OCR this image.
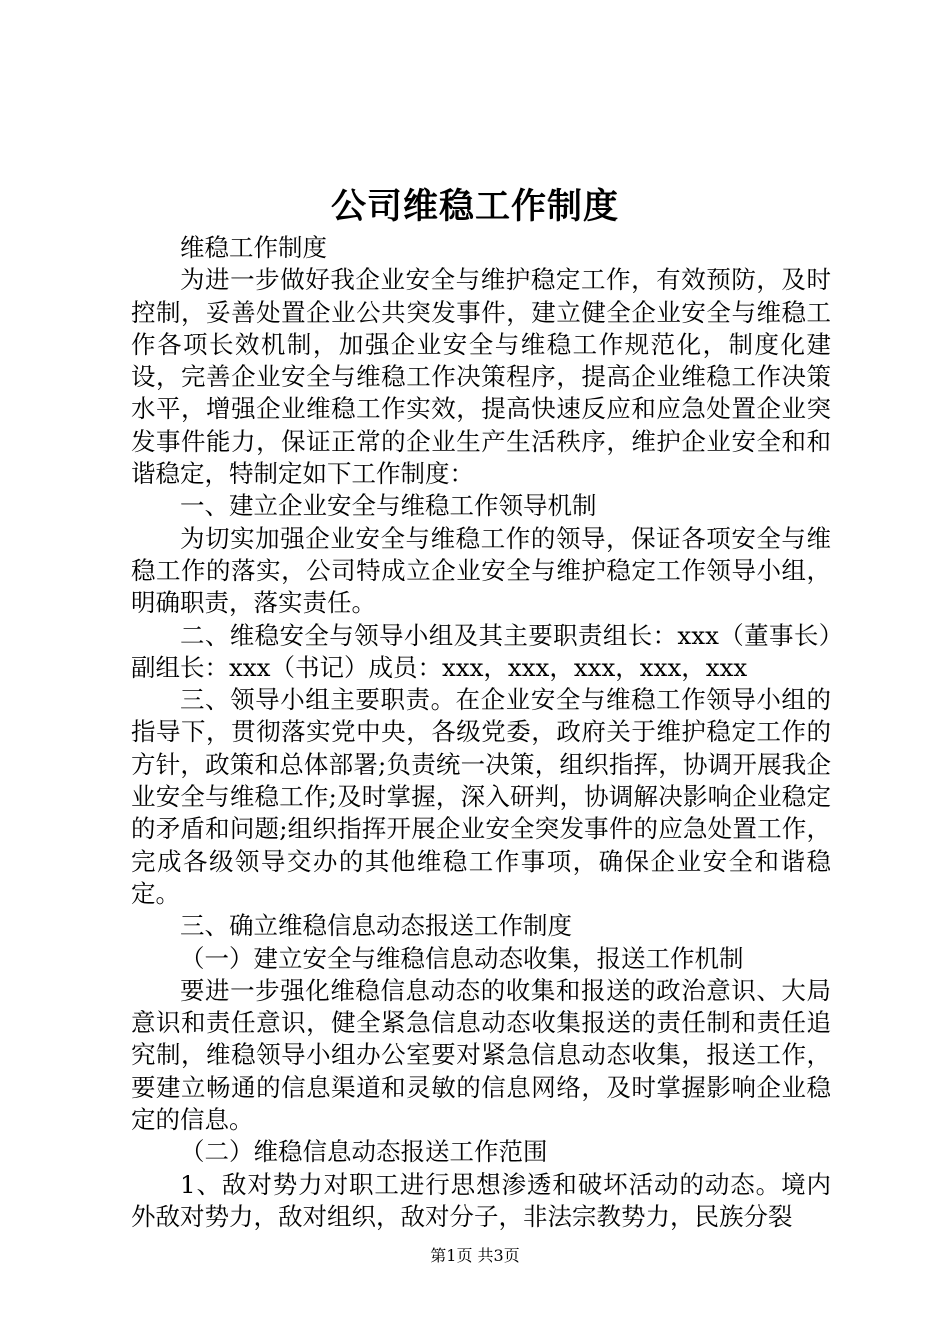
公司维稳工作制度

维稳工作制度

为进一步做好我企业安全与维护稳定工作，有效预防，及时控制，妥善处置企业公共突发事件，建立健全企业安全与维稳工作各项长效机制，加强企业安全与维稳工作规范化，制度化建设，完善企业安全与维稳工作决策程序，提高企业维稳工作决策水平，增强企业维稳工作实效，提高快速反应和应急处置企业突发事件能力，保证正常的企业生产生活秩序，维护企业安全和和谐稳定，特制定如下工作制度：

一、建立企业安全与维稳工作领导机制

为切实加强企业安全与维稳工作的领导，保证各项安全与维稳工作的落实，公司特成立企业安全与维护稳定工作领导小组，明确职责，落实责任。

二、维稳安全与领导小组及其主要职责组长：xxx（董事长）副组长：xxx（书记）成员：xxx，xxx，xxx，xxx，xxx

三、领导小组主要职责。在企业安全与维稳工作领导小组的指导下，贯彻落实党中央，各级党委，政府关于维护稳定工作的方针，政策和总体部署;负责统一决策，组织指挥，协调开展我企业安全与维稳工作;及时掌握，深入研判，协调解决影响企业稳定的矛盾和问题;组织指挥开展企业安全突发事件的应急处置工作，完成各级领导交办的其他维稳工作事项，确保企业安全和谐稳定。

三、确立维稳信息动态报送工作制度

（一）建立安全与维稳信息动态收集，报送工作机制

要进一步强化维稳信息动态的收集和报送的政治意识、大局意识和责任意识，健全紧急信息动态收集报送的责任制和责任追究制，维稳领导小组办公室要对紧急信息动态收集，报送工作，要建立畅通的信息渠道和灵敏的信息网络，及时掌握影响企业稳定的信息。

（二）维稳信息动态报送工作范围

1、敌对势力对职工进行思想渗透和破坏活动的动态。境内外敌对势力，敌对组织，敌对分子，非法宗教势力，民族分裂

第1页 共3页
